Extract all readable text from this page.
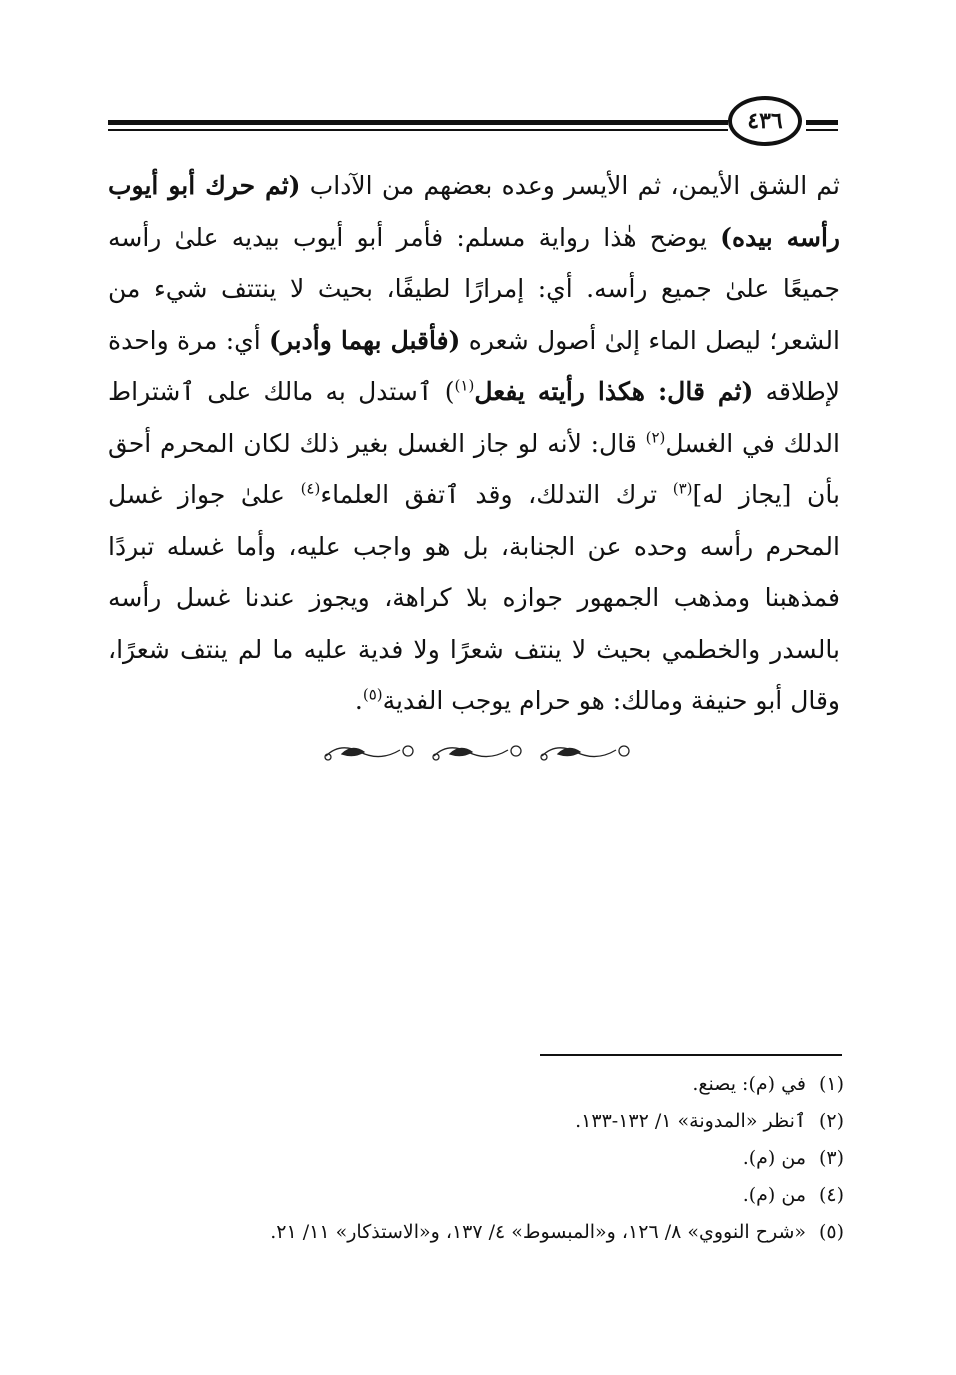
٤٣٦

ثم الشق الأيمن، ثم الأيسر وعده بعضهم من الآداب (ثم حرك أبو أيوب رأسه بيده) يوضح هٰذا رواية مسلم: فأمر أبو أيوب بيديه علىٰ رأسه جميعًا علىٰ جميع رأسه. أي: إمرارًا لطيفًا، بحيث لا ينتتف شيء من الشعر؛ ليصل الماء إلىٰ أصول شعره (فأقبل بهما وأدبر) أي: مرة واحدة لإطلاقه (ثم قال: هكذا رأيته يفعل$^{(١)}$) ٱستدل به مالك على ٱشتراط الدلك في الغسل$^{(٢)}$ قال: لأنه لو جاز الغسل بغير ذلك لكان المحرم أحق بأن [يجاز له]$^{(٣)}$ ترك التدلك، وقد ٱتفق العلماء$^{(٤)}$ علىٰ جواز غسل المحرم رأسه وحده عن الجنابة، بل هو واجب عليه، وأما غسله تبردًا فمذهبنا ومذهب الجمهور جوازه بلا كراهة، ويجوز عندنا غسل رأسه بالسدر والخطمي بحيث لا ينتف شعرًا ولا فدية عليه ما لم ينتف شعرًا، وقال أبو حنيفة ومالك: هو حرام يوجب الفدية$^{(٥)}$.

(١)في (م): يصنع.
(٢)ٱنظر «المدونة» ١/ ١٣٢-١٣٣.
(٣)من (م).
(٤)من (م).
(٥)«شرح النووي» ٨/ ١٢٦، و«المبسوط» ٤/ ١٣٧، و«الاستذكار» ١١/ ٢١.
